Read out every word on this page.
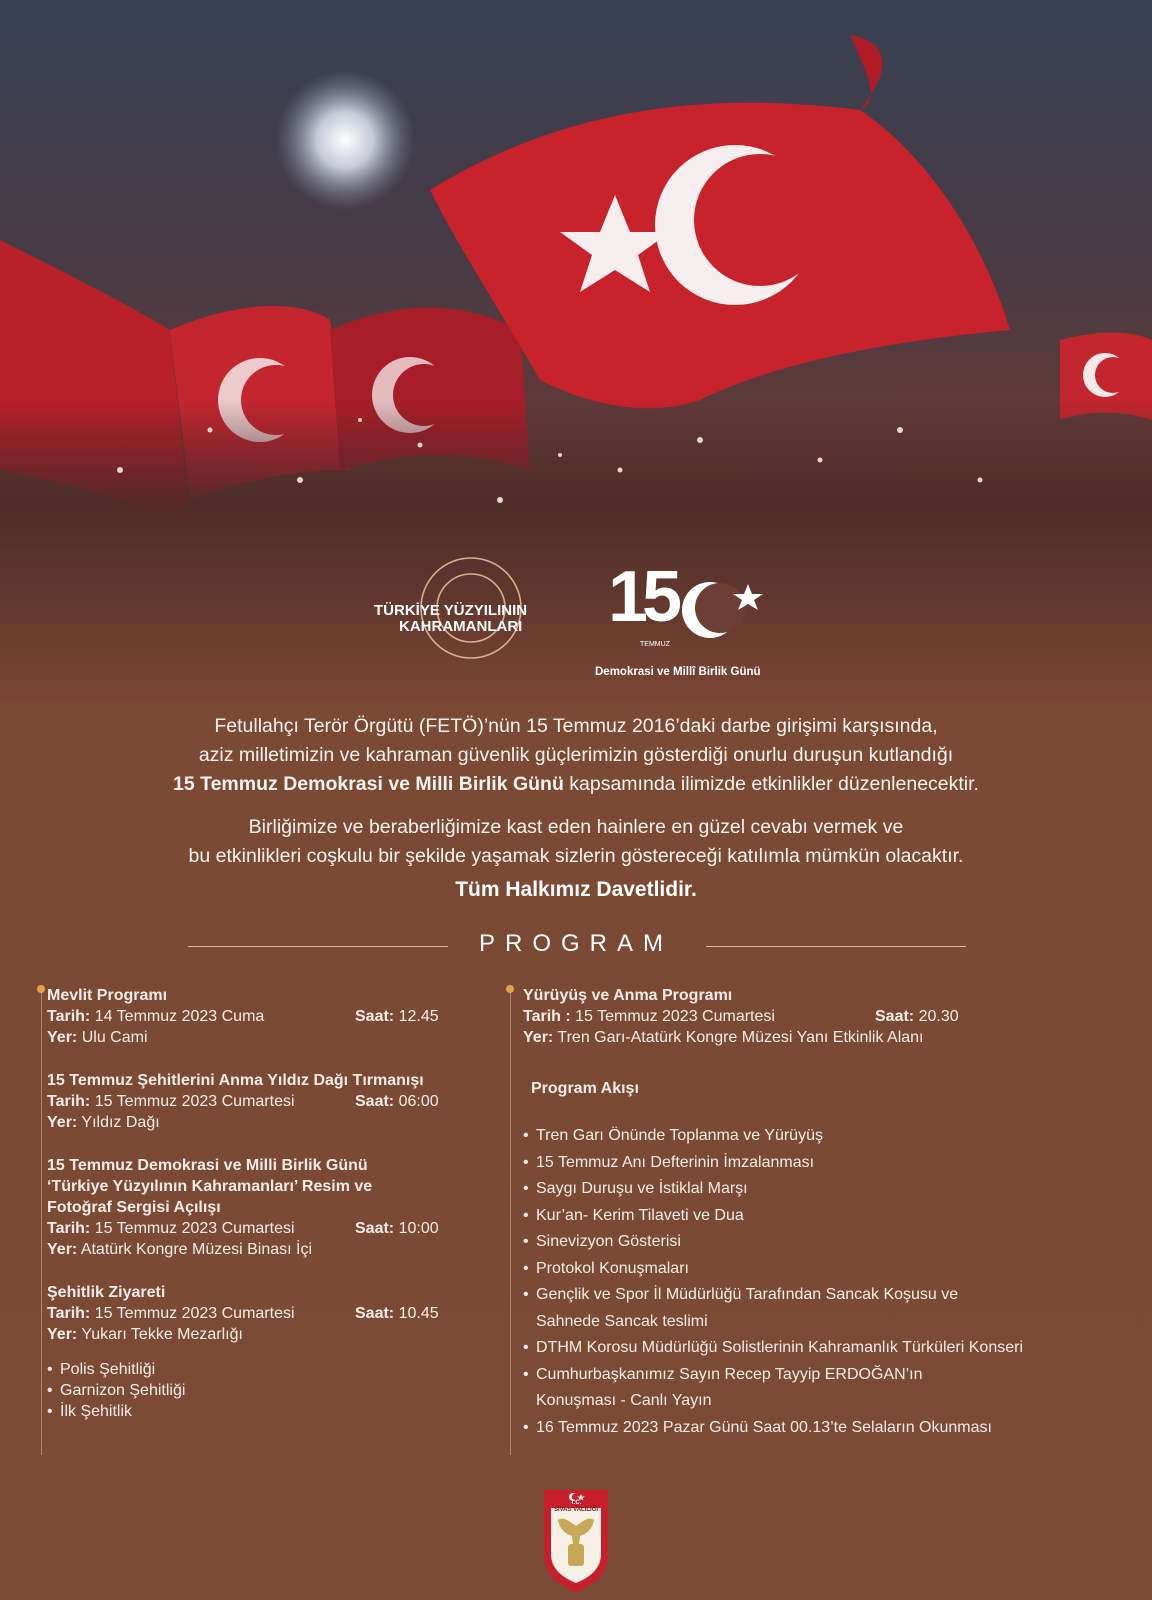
TÜRKİYE YÜZYILININ
KAHRAMANLARI 15
TEMMUZ
Demokrasi ve Millî Birlik Günü

Fetullahçı Terör Örgütü (FETÖ)’nün 15 Temmuz 2016’daki darbe girişimi karşısında,

aziz milletimizin ve kahraman güvenlik güçlerimizin gösterdiği onurlu duruşun kutlandığı

15 Temmuz Demokrasi ve Milli Birlik Günü kapsamında ilimizde etkinlikler düzenlenecektir.

Birliğimize ve beraberliğimize kast eden hainlere en güzel cevabı vermek ve

bu etkinlikleri coşkulu bir şekilde yaşamak sizlerin göstereceği katılımla mümkün olacaktır.

Tüm Halkımız Davetlidir.
PROGRAM
Mevlit Programı
Tarih: 14 Temmuz 2023 Cuma	Saat: 12.45
Yer: Ulu Cami
15 Temmuz Şehitlerini Anma Yıldız Dağı Tırmanışı
Tarih: 15 Temmuz 2023 Cumartesi	Saat: 06:00
Yer: Yıldız Dağı
15 Temmuz Demokrasi ve Milli Birlik Günü
‘Türkiye Yüzyılının Kahramanları’ Resim ve
Fotoğraf Sergisi Açılışı
Tarih: 15 Temmuz 2023 Cumartesi	Saat: 10:00
Yer: Atatürk Kongre Müzesi Binası İçi
Şehitlik Ziyareti
Tarih: 15 Temmuz 2023 Cumartesi	Saat: 10.45
Yer: Yukarı Tekke Mezarlığı
• Polis Şehitliği
• Garnizon Şehitliği
• İlk Şehitlik
Yürüyüş ve Anma Programı
Tarih : 15 Temmuz 2023 Cumartesi	Saat: 20.30
Yer: Tren Garı-Atatürk Kongre Müzesi Yanı Etkinlik Alanı
Program Akışı
• Tren Garı Önünde Toplanma ve Yürüyüş
• 15 Temmuz Anı Defterinin İmzalanması
• Saygı Duruşu ve İstiklal Marşı
• Kur’an- Kerim Tilaveti ve Dua
• Sinevizyon Gösterisi
• Protokol Konuşmaları
• Gençlik ve Spor İl Müdürlüğü Tarafından Sancak Koşusu ve
Sahnede Sancak teslimi
• DTHM Korosu Müdürlüğü Solistlerinin Kahramanlık Türküleri Konseri
• Cumhurbaşkanımız Sayın Recep Tayyip ERDOĞAN’ın
Konuşması - Canlı Yayın
• 16 Temmuz 2023 Pazar Günü Saat 00.13’te Selaların Okunması
T.C.
SİVAS VALİLİĞİ
